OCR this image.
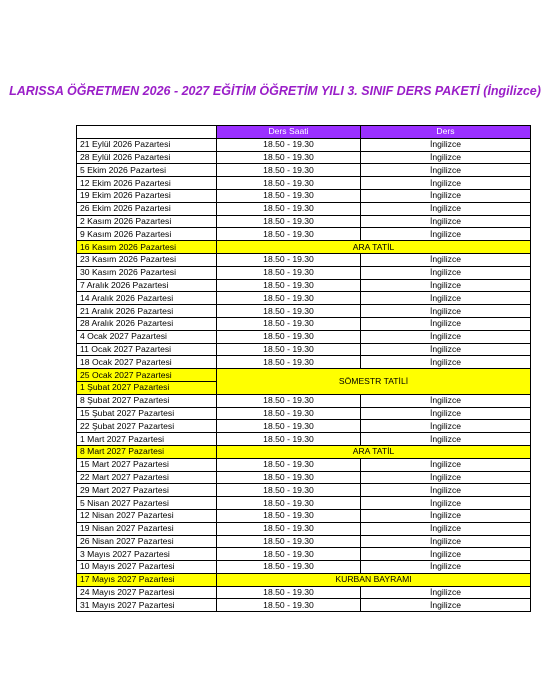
LARISSA ÖĞRETMEN 2026 - 2027 EĞİTİM ÖĞRETİM YILI 3. SINIF DERS PAKETİ (İngilizce)
	Ders Saati	Ders
21 Eylül 2026 Pazartesi	18.50 - 19.30	İngilizce
28 Eylül 2026 Pazartesi	18.50 - 19.30	İngilizce
5 Ekim 2026 Pazartesi	18.50 - 19.30	İngilizce
12 Ekim 2026 Pazartesi	18.50 - 19.30	İngilizce
19 Ekim 2026 Pazartesi	18.50 - 19.30	İngilizce
26 Ekim 2026 Pazartesi	18.50 - 19.30	İngilizce
2 Kasım 2026 Pazartesi	18.50 - 19.30	İngilizce
9 Kasım 2026 Pazartesi	18.50 - 19.30	İngilizce
16 Kasım 2026 Pazartesi	ARA TATİL	
23 Kasım 2026 Pazartesi	18.50 - 19.30	İngilizce
30 Kasım 2026 Pazartesi	18.50 - 19.30	İngilizce
7 Aralık 2026 Pazartesi	18.50 - 19.30	İngilizce
14 Aralık 2026 Pazartesi	18.50 - 19.30	İngilizce
21 Aralık 2026 Pazartesi	18.50 - 19.30	İngilizce
28 Aralık 2026 Pazartesi	18.50 - 19.30	İngilizce
4 Ocak 2027 Pazartesi	18.50 - 19.30	İngilizce
11 Ocak 2027 Pazartesi	18.50 - 19.30	İngilizce
18 Ocak 2027 Pazartesi	18.50 - 19.30	İngilizce
25 Ocak 2027 Pazartesi	SÖMESTR TATİLİ	
1 Şubat 2027 Pazartesi		
8 Şubat 2027 Pazartesi	18.50 - 19.30	İngilizce
15 Şubat 2027 Pazartesi	18.50 - 19.30	İngilizce
22 Şubat 2027 Pazartesi	18.50 - 19.30	İngilizce
1 Mart 2027 Pazartesi	18.50 - 19.30	İngilizce
8 Mart 2027 Pazartesi	ARA TATİL	
15 Mart 2027 Pazartesi	18.50 - 19.30	İngilizce
22 Mart 2027 Pazartesi	18.50 - 19.30	İngilizce
29 Mart 2027 Pazartesi	18.50 - 19.30	İngilizce
5 Nisan 2027 Pazartesi	18.50 - 19.30	İngilizce
12 Nisan 2027 Pazartesi	18.50 - 19.30	İngilizce
19 Nisan 2027 Pazartesi	18.50 - 19.30	İngilizce
26 Nisan 2027 Pazartesi	18.50 - 19.30	İngilizce
3 Mayıs 2027 Pazartesi	18.50 - 19.30	İngilizce
10 Mayıs 2027 Pazartesi	18.50 - 19.30	İngilizce
17 Mayıs 2027 Pazartesi	KURBAN BAYRAMI	
24 Mayıs 2027 Pazartesi	18.50 - 19.30	İngilizce
31 Mayıs 2027 Pazartesi	18.50 - 19.30	İngilizce
